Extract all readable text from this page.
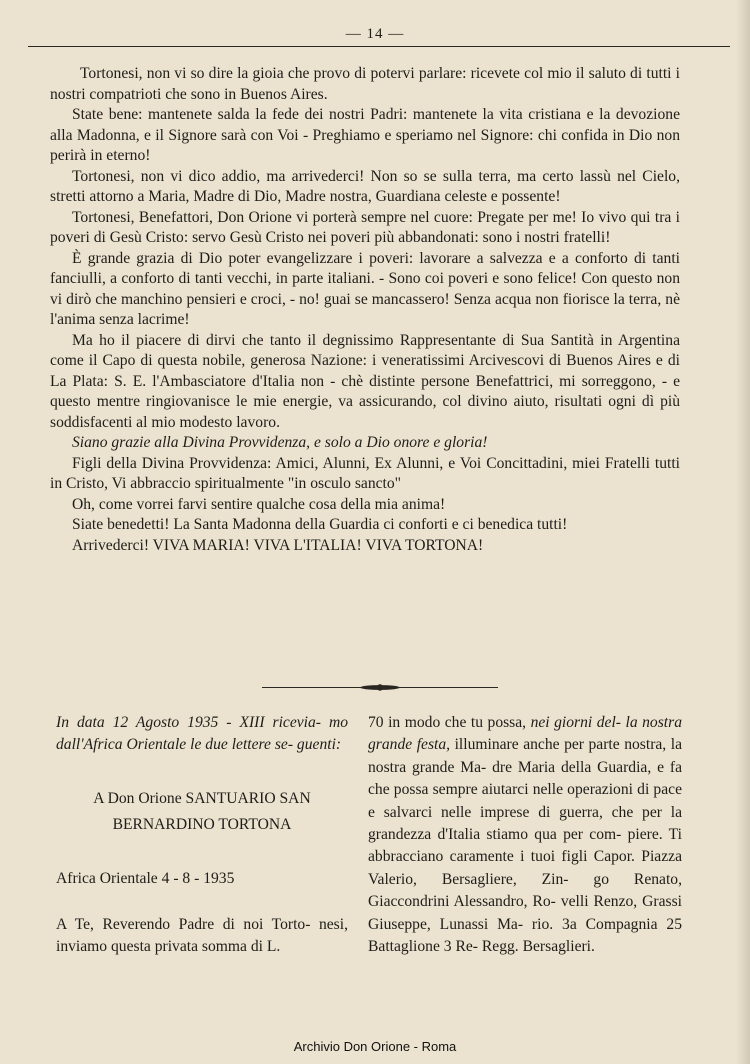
— 14 —

Tortonesi, non vi so dire la gioia che provo di potervi parlare: ricevete col mio il saluto di tutti i nostri compatrioti che sono in Buenos Aires.

State bene: mantenete salda la fede dei nostri Padri: mantenete la vita cristiana e la devozione alla Madonna, e il Signore sarà con Voi - Preghiamo e speriamo nel Signore: chi confida in Dio non perirà in eterno!

Tortonesi, non vi dico addio, ma arrivederci! Non so se sulla terra, ma certo lassù nel Cielo, stretti attorno a Maria, Madre di Dio, Madre nostra, Guardiana celeste e possente!

Tortonesi, Benefattori, Don Orione vi porterà sempre nel cuore: Pregate per me! Io vivo qui tra i poveri di Gesù Cristo: servo Gesù Cristo nei poveri più abbandonati: sono i nostri fratelli!

È grande grazia di Dio poter evangelizzare i poveri: lavorare a salvezza e a conforto di tanti fanciulli, a conforto di tanti vecchi, in parte italiani. - Sono coi poveri e sono felice! Con questo non vi dirò che manchino pensieri e croci, - no! guai se mancassero! Senza acqua non fiorisce la terra, nè l'anima senza lacrime!

Ma ho il piacere di dirvi che tanto il degnissimo Rappresentante di Sua Santità in Argentina come il Capo di questa nobile, generosa Nazione: i veneratissimi Arcivescovi di Buenos Aires e di La Plata: S. E. l'Ambasciatore d'Italia non - chè distinte persone Benefattrici, mi sorreggono, - e questo mentre ringiovanisce le mie energie, va assicurando, col divino aiuto, risultati ogni dì più soddisfacenti al mio modesto lavoro.

Siano grazie alla Divina Provvidenza, e solo a Dio onore e gloria!

Figli della Divina Provvidenza: Amici, Alunni, Ex Alunni, e Voi Concittadini, miei Fratelli tutti in Cristo, Vi abbraccio spiritualmente "in osculo sancto"

Oh, come vorrei farvi sentire qualche cosa della mia anima!

Siate benedetti! La Santa Madonna della Guardia ci conforti e ci benedica tutti!

Arrivederci! VIVA MARIA! VIVA L'ITALIA! VIVA TORTONA!

In data 12 Agosto 1935 - XIII ricevia- mo dall'Africa Orientale le due lettere se- guenti:

A Don Orione SANTUARIO SAN
BERNARDINO TORTONA

Africa Orientale 4 - 8 - 1935

A Te, Reverendo Padre di noi Torto- nesi, inviamo questa privata somma di L.

70 in modo che tu possa, nei giorni del- la nostra grande festa, illuminare anche per parte nostra, la nostra grande Ma- dre Maria della Guardia, e fa che possa sempre aiutarci nelle operazioni di pace e salvarci nelle imprese di guerra, che per la grandezza d'Italia stiamo qua per com- piere. Ti abbracciano caramente i tuoi figli Capor. Piazza Valerio, Bersagliere, Zin- go Renato, Giaccondrini Alessandro, Ro- velli Renzo, Grassi Giuseppe, Lunassi Ma- rio. 3a Compagnia 25 Battaglione 3 Re- Regg. Bersaglieri.

Archivio Don Orione - Roma
